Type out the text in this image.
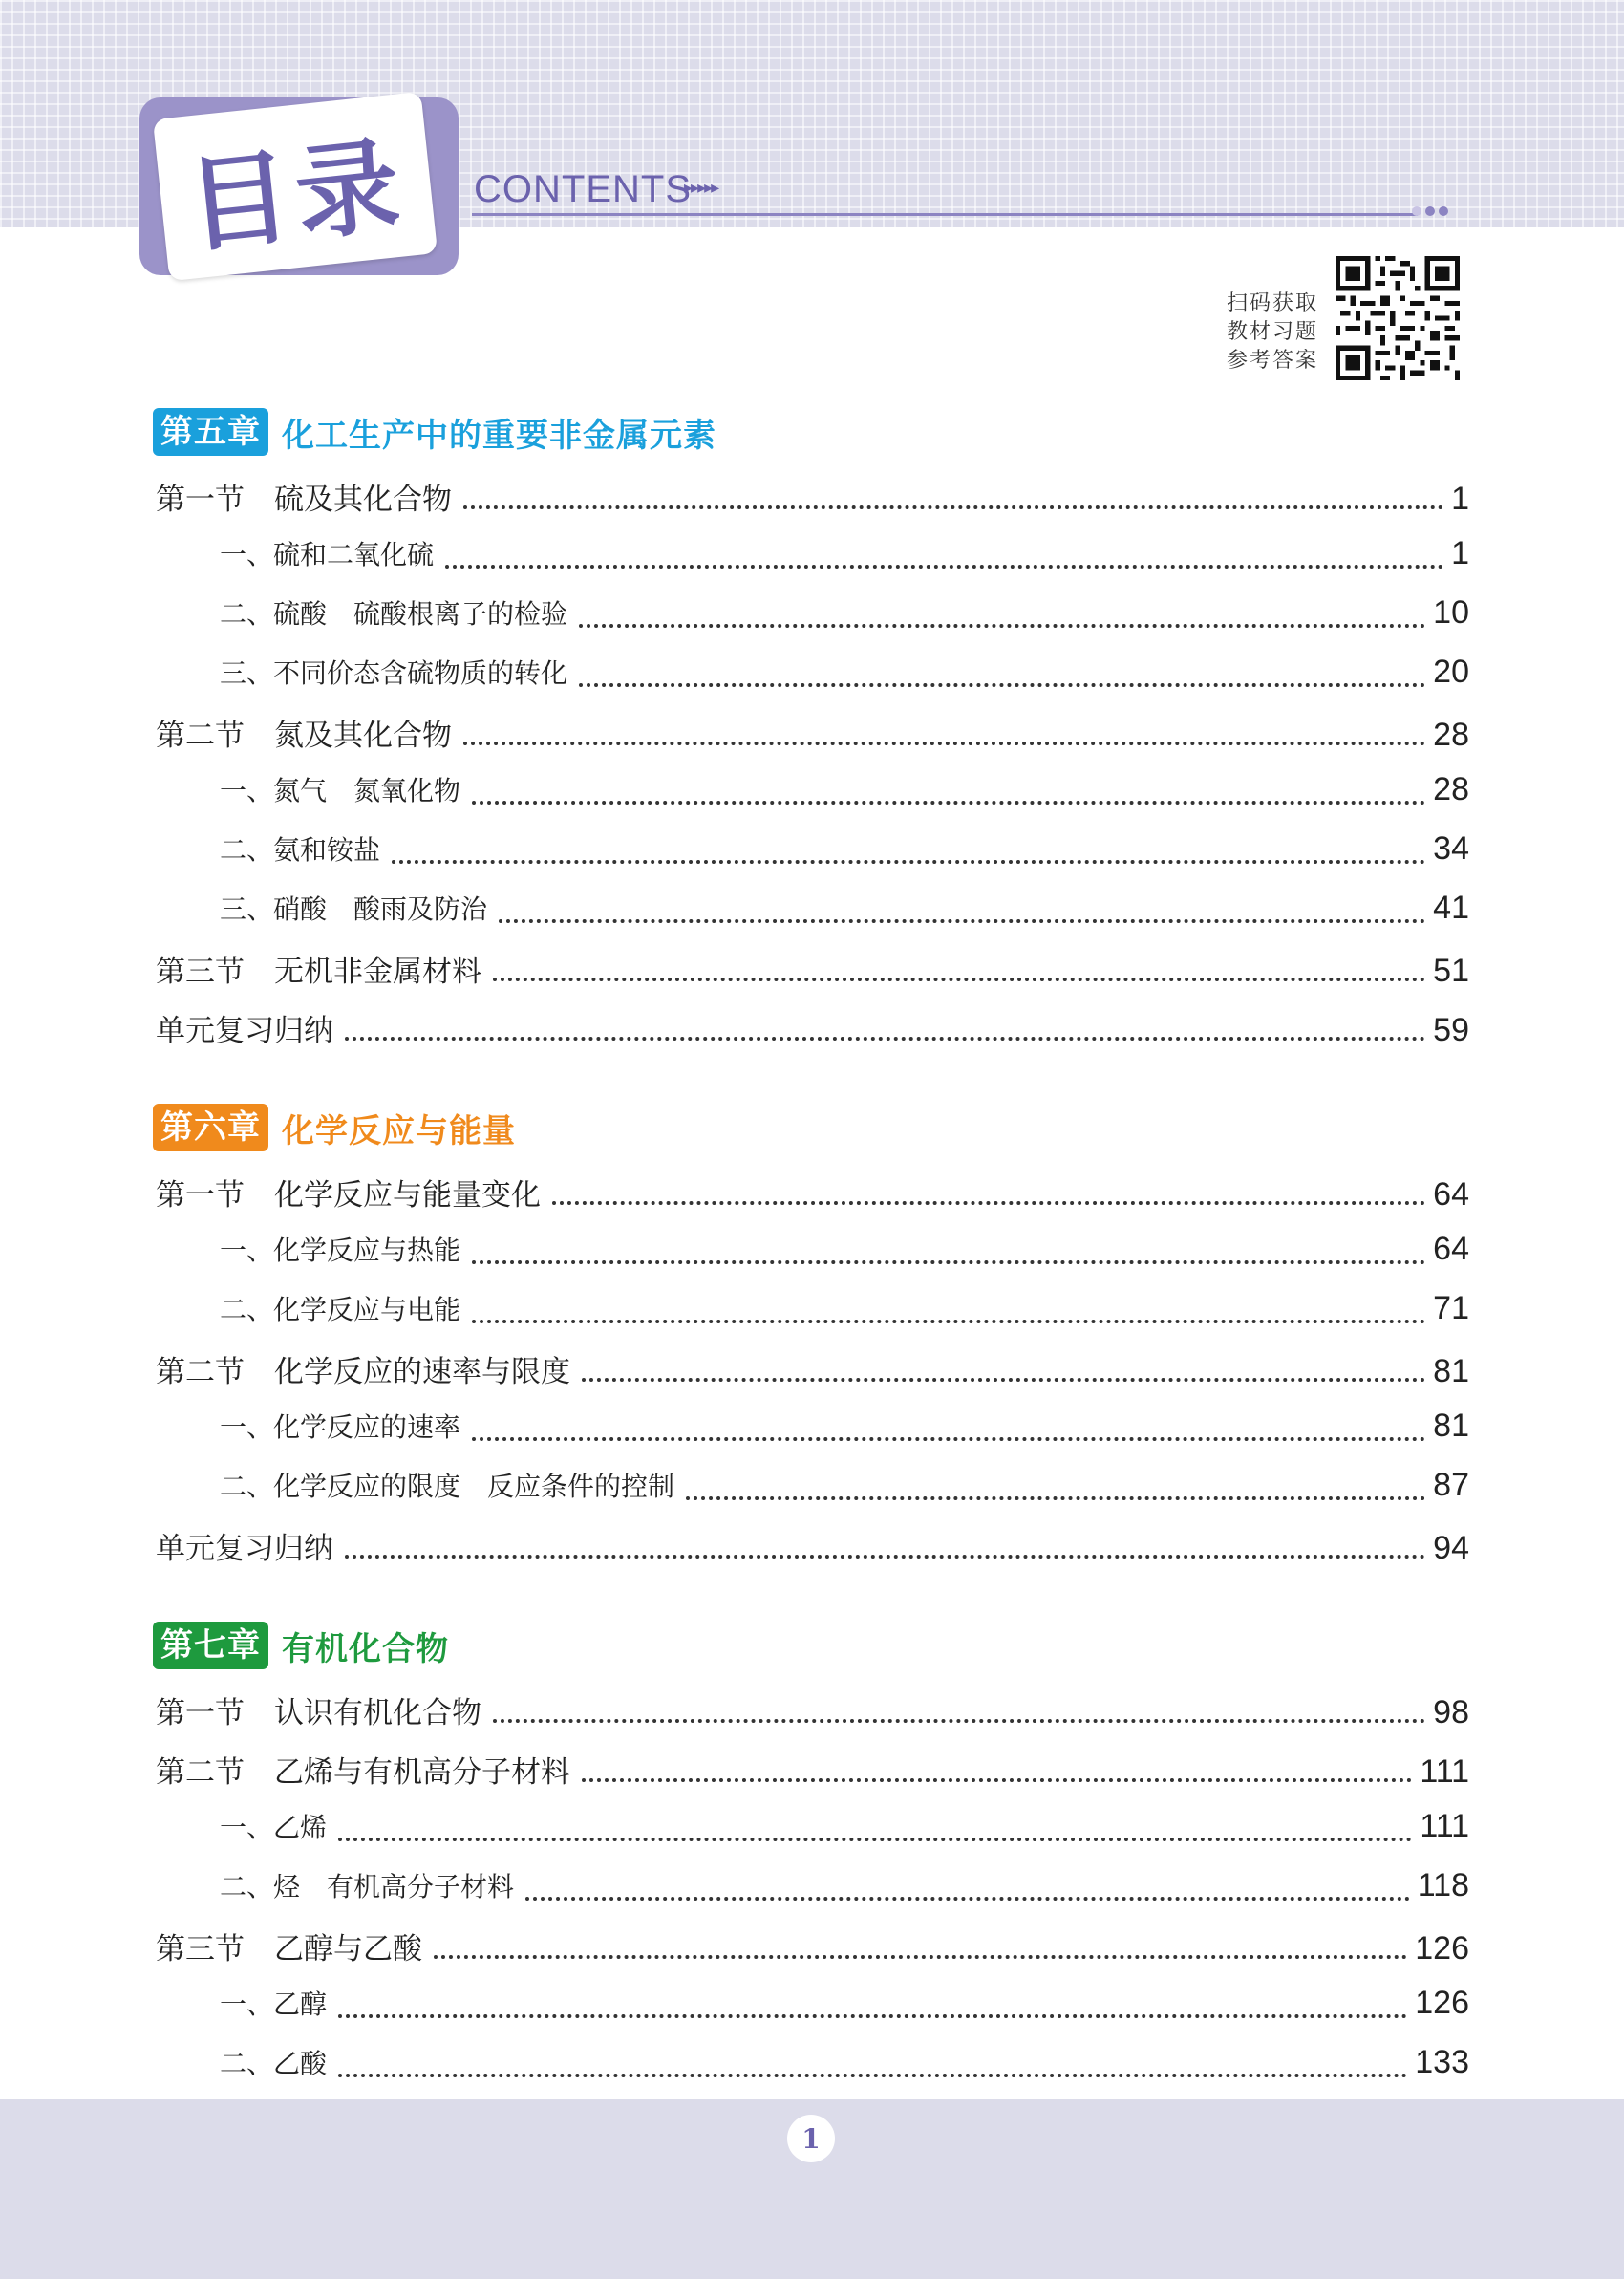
目录 CONTENTS
▸▸▸▸▸
扫码获取
教材习题
参考答案
第五章 化工生产中的重要非金属元素
第一节　硫及其化合物	1
一、硫和二氧化硫	1
二、硫酸　硫酸根离子的检验	10
三、不同价态含硫物质的转化	20
第二节　氮及其化合物	28
一、氮气　氮氧化物	28
二、氨和铵盐	34
三、硝酸　酸雨及防治	41
第三节　无机非金属材料	51
单元复习归纳	59
第六章 化学反应与能量
第一节　化学反应与能量变化	64
一、化学反应与热能	64
二、化学反应与电能	71
第二节　化学反应的速率与限度	81
一、化学反应的速率	81
二、化学反应的限度　反应条件的控制	87
单元复习归纳	94
第七章 有机化合物
第一节　认识有机化合物	98
第二节　乙烯与有机高分子材料	111
一、乙烯	111
二、烃　有机高分子材料	118
第三节　乙醇与乙酸	126
一、乙醇	126
二、乙酸	133
1
